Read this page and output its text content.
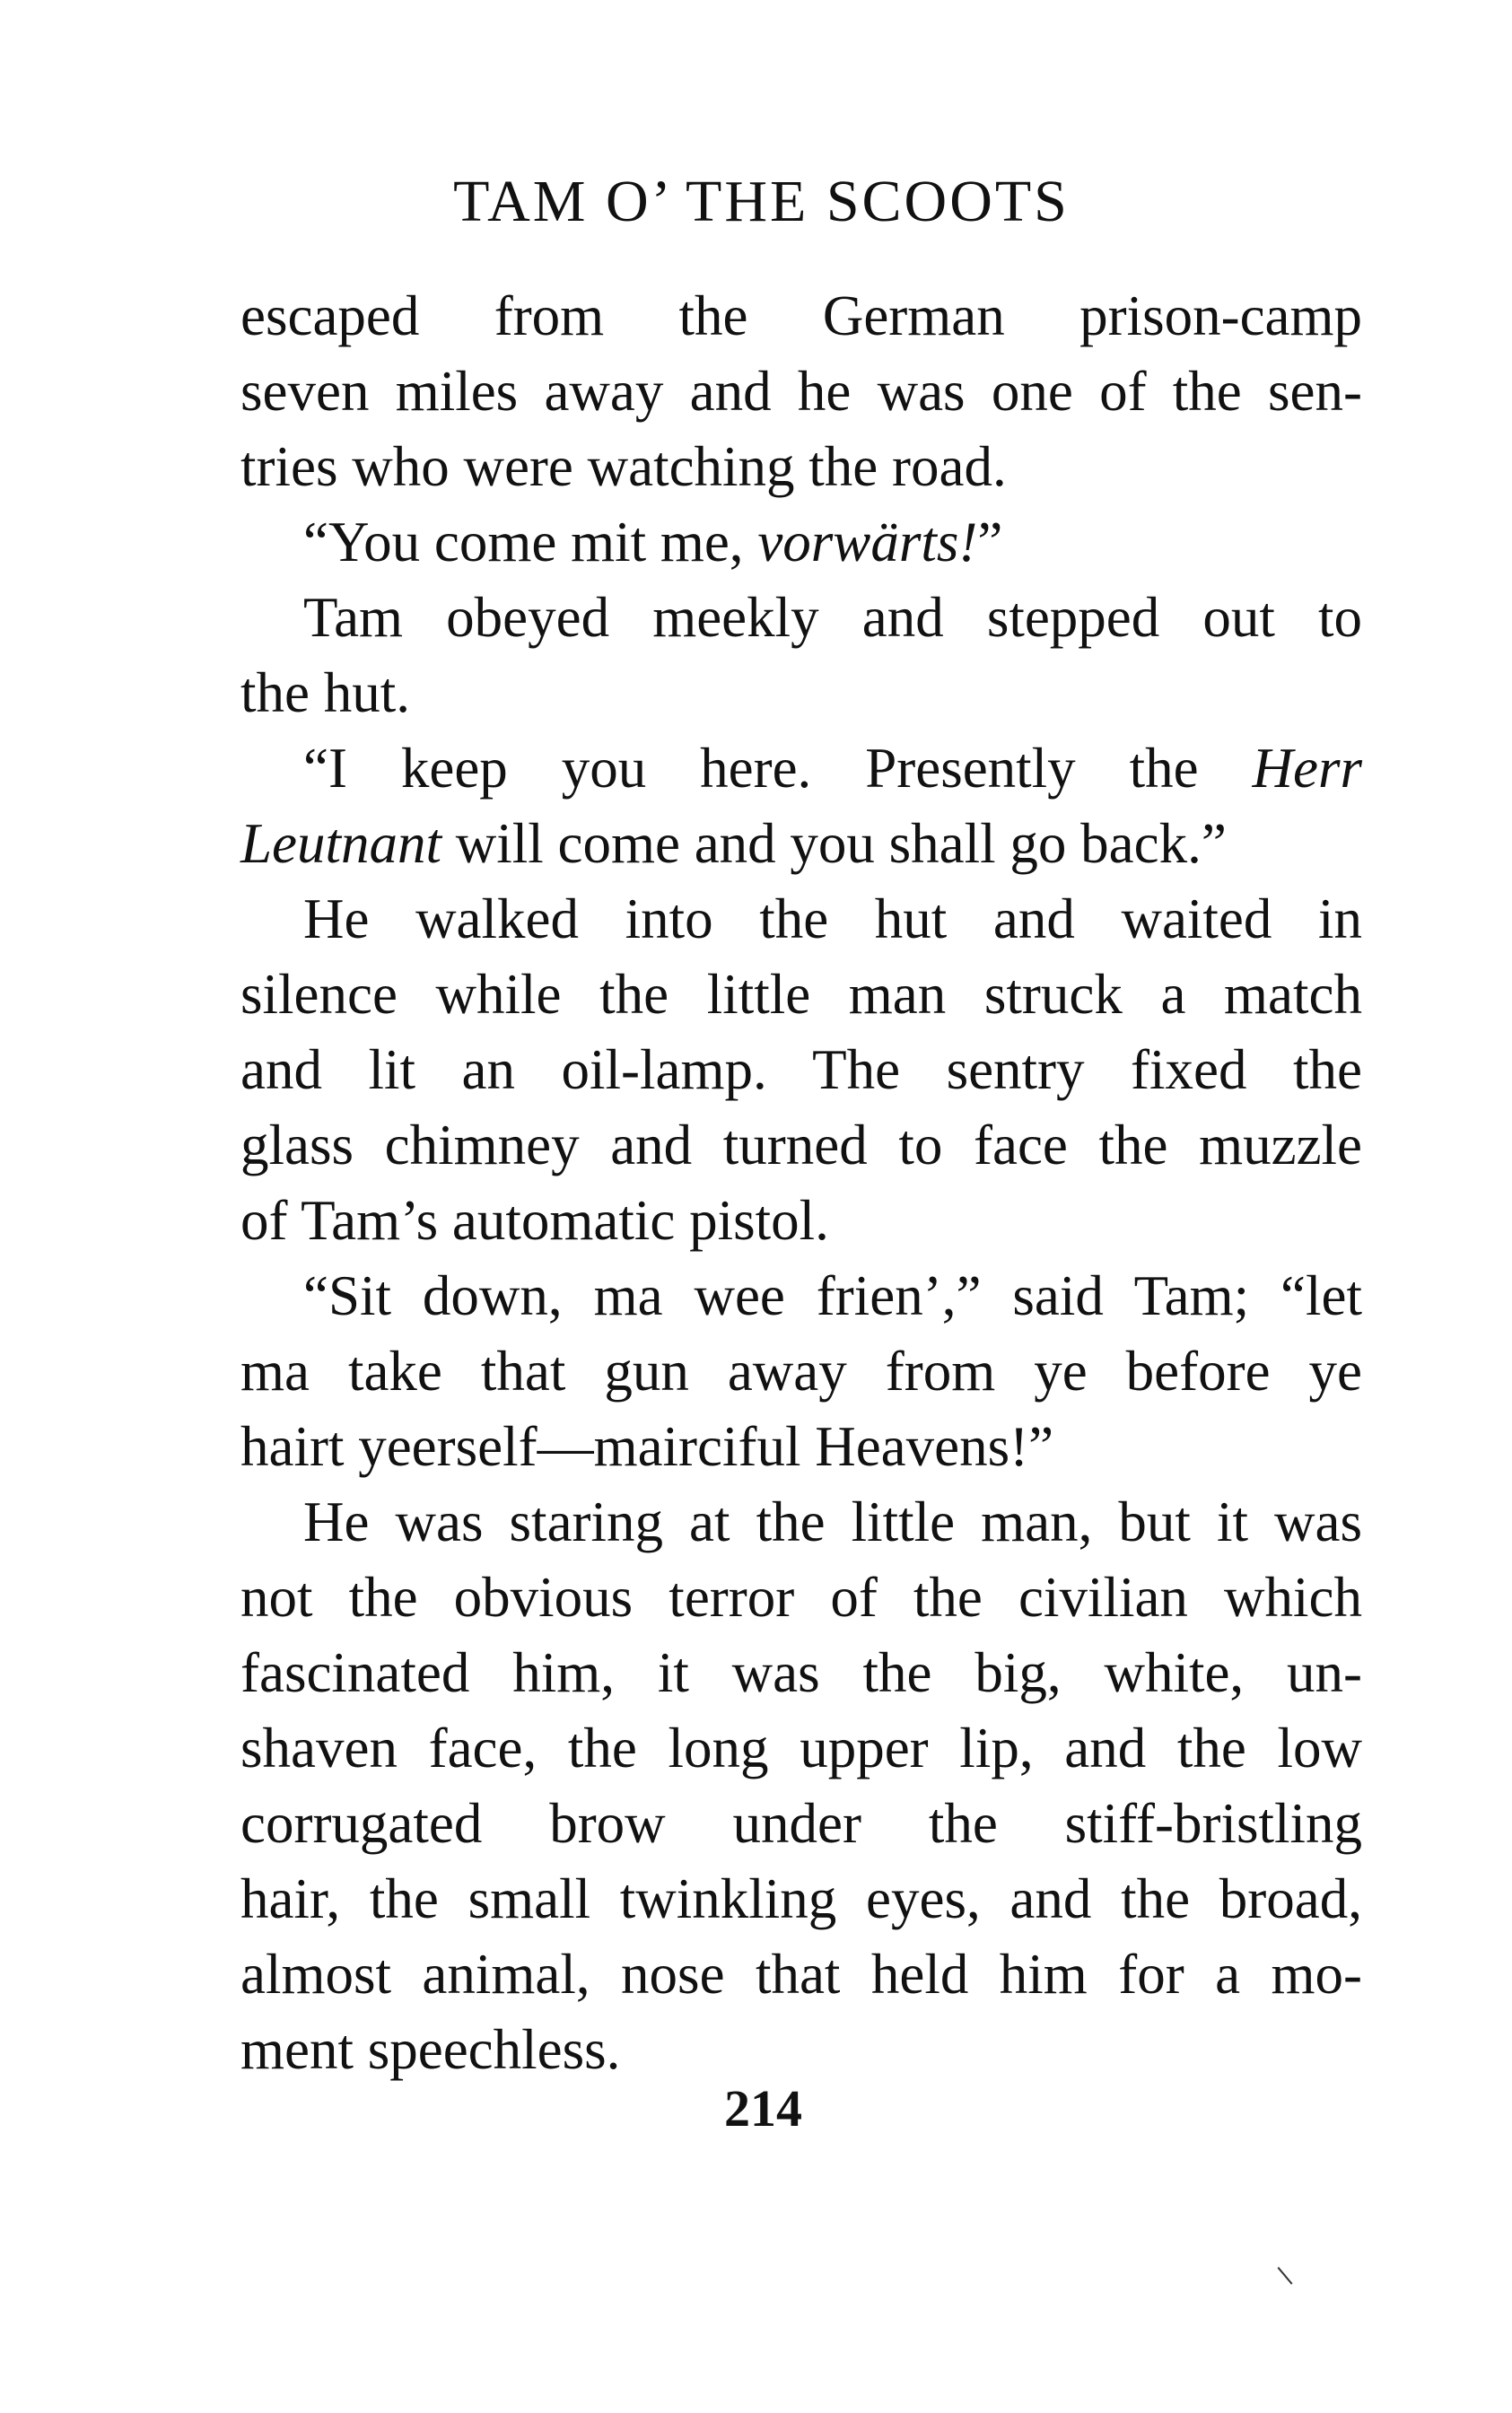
TAM O’ THE SCOOTS

escaped from the German prison-camp

seven miles away and he was one of the sen-

tries who were watching the road.

“You come mit me, vorwärts!”

Tam obeyed meekly and stepped out to

the hut.

“I keep you here. Presently the Herr

Leutnant will come and you shall go back.”

He walked into the hut and waited in

silence while the little man struck a match

and lit an oil-lamp. The sentry fixed the

glass chimney and turned to face the muzzle

of Tam’s automatic pistol.

“Sit down, ma wee frien’,” said Tam; “let

ma take that gun away from ye before ye

hairt yeerself—mairciful Heavens!”

He was staring at the little man, but it was

not the obvious terror of the civilian which

fascinated him, it was the big, white, un-

shaven face, the long upper lip, and the low

corrugated brow under the stiff-bristling

hair, the small twinkling eyes, and the broad,

almost animal, nose that held him for a mo-

ment speechless.

214
